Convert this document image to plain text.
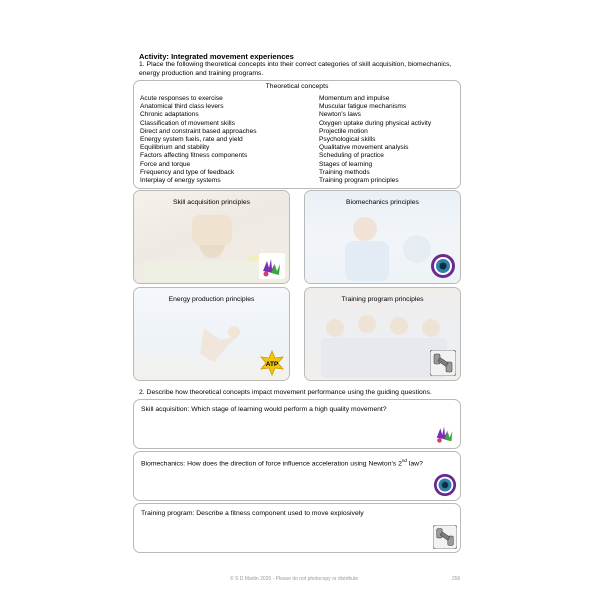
Activity: Integrated movement experiences
1. Place the following theoretical concepts into their correct categories of skill acquisition, biomechanics, energy production and training programs.
Theoretical concepts
Acute responses to exercise
Anatomical third class levers
Chronic adaptations
Classification of movement skills
Direct and constraint based approaches
Energy system fuels, rate and yield
Equilibrium and stability
Factors affecting fitness components
Force and torque
Frequency and type of feedback
Interplay of energy systems
Momentum and impulse
Muscular fatigue mechanisms
Newton's laws
Oxygen uptake during physical activity
Projectile motion
Psychological skills
Qualitative movement analysis
Scheduling of practice
Stages of learning
Training methods
Training program principles
Skill acquisition principles	Biomechanics principles
Energy production principles
ATP
Training program principles
2. Describe how theoretical concepts impact movement performance using the guiding questions.
Skill acquisition: Which stage of learning would perform a high quality movement?
Biomechanics: How does the direction of force influence acceleration using Newton's 2nd law?
Training program: Describe a fitness component used to move explosively
© S D Martin 2026 - Please do not photocopy or distribute	256
